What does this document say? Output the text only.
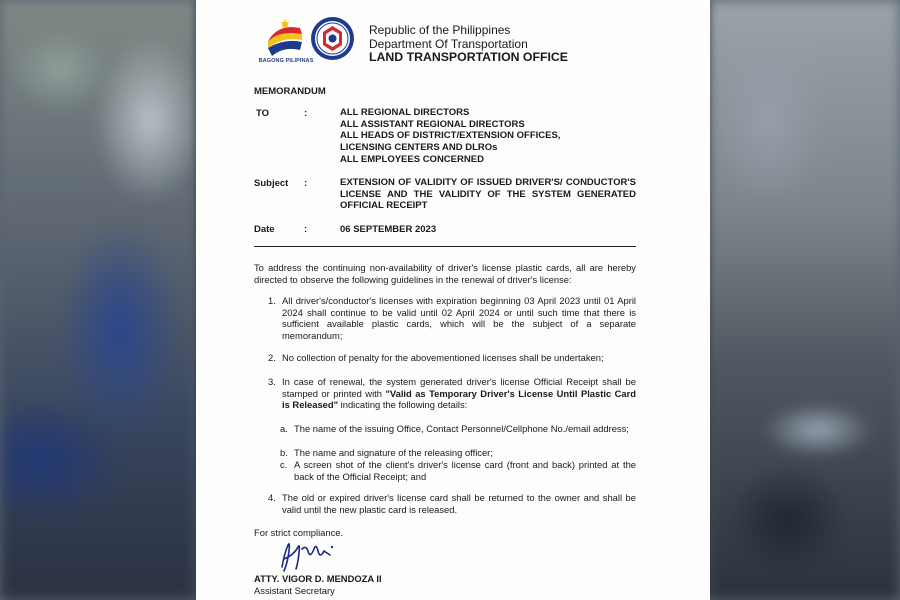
BAGONG PILIPINAS
Republic of the Philippines
Department Of Transportation
LAND TRANSPORTATION OFFICE
MEMORANDUM
TO	:	ALL REGIONAL DIRECTORS
ALL ASSISTANT REGIONAL DIRECTORS
ALL HEADS OF DISTRICT/EXTENSION OFFICES,
LICENSING CENTERS AND DLROs
ALL EMPLOYEES CONCERNED
Subject :	EXTENSION OF VALIDITY OF ISSUED DRIVER'S/ CONDUCTOR'S LICENSE AND THE VALIDITY OF THE SYSTEM GENERATED OFFICIAL RECEIPT
Date	:	06 SEPTEMBER 2023
To address the continuing non-availability of driver's license plastic cards, all are hereby directed to observe the following guidelines in the renewal of driver's license:
1. All driver's/conductor's licenses with expiration beginning 03 April 2023 until 01 April 2024 shall continue to be valid until 02 April 2024 or until such time that there is sufficient available plastic cards, which will be the subject of a separate memorandum;
2. No collection of penalty for the abovementioned licenses shall be undertaken;
3. In case of renewal, the system generated driver's license Official Receipt shall be stamped or printed with "Valid as Temporary Driver's License Until Plastic Card is Released" indicating the following details:
a. The name of the issuing Office, Contact Personnel/Cellphone No./email address;
b. The name and signature of the releasing officer;
c. A screen shot of the client's driver's license card (front and back) printed at the back of the Official Receipt; and
4. The old or expired driver's license card shall be returned to the owner and shall be valid until the new plastic card is released.
For strict compliance.
ATTY. VIGOR D. MENDOZA II
Assistant Secretary
